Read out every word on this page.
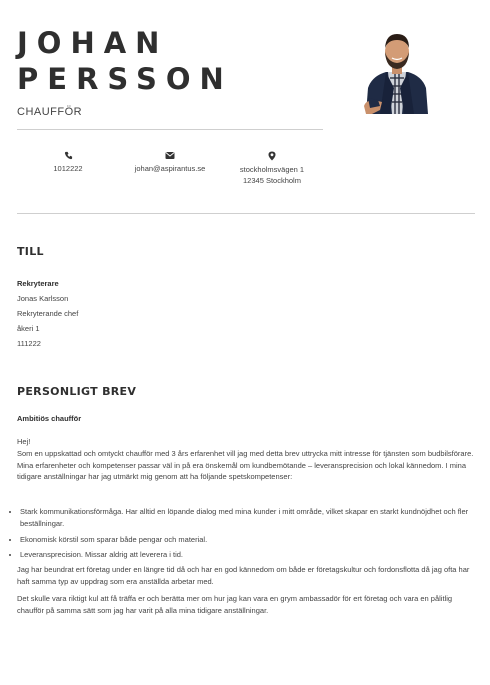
JOHAN
PERSSON
CHAUFFÖR
1012222	johan@aspirantus.se	stockholmsvägen 1
12345 Stockholm
TILL
Rekryterare
Jonas Karlsson
Rekryterande chef
åkeri 1
111222
PERSONLIGT BREV
Ambitiös chaufför
Hej!
Som en uppskattad och omtyckt chaufför med 3 års erfarenhet vill jag med detta brev uttrycka mitt intresse för tjänsten som budbilsförare. Mina erfarenheter och kompetenser passar väl in på era önskemål om kundbemötande – leveransprecision och lokal kännedom. I mina tidigare anställningar har jag utmärkt mig genom att ha följande spetskompetenser:
• Stark kommunikationsförmåga. Har alltid en löpande dialog med mina kunder i mitt område, vilket skapar en starkt kundnöjdhet och fler beställningar.
• Ekonomisk körstil som sparar både pengar och material.
• Leveransprecision. Missar aldrig att leverera i tid.
Jag har beundrat ert företag under en längre tid då och har en god kännedom om både er företagskultur och fordonsflotta då jag ofta har haft samma typ av uppdrag som era anställda arbetar med.
Det skulle vara riktigt kul att få träffa er och berätta mer om hur jag kan vara en grym ambassadör för ert företag och vara en pålitlig chaufför på samma sätt som jag har varit på alla mina tidigare anställningar.
